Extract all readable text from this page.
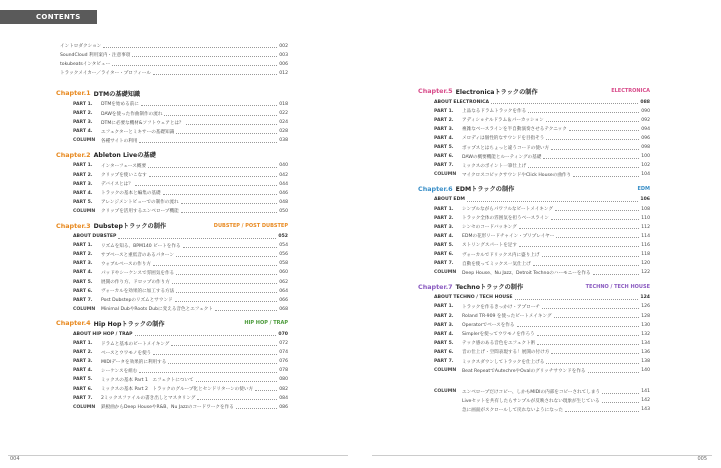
CONTENTS
004	005
イントロダクション	002
SoundCloud 利用案内・注意事項	003
tokubeatsインタビュー	006
トラックメイカー／ライター・プロフィール	012
Chapter.1 DTMの基礎知識
PART 1.	DTMを始める前に	018
PART 2.	DAWを使った作曲制作の流れ	022
PART 3.	DTMに必要な機材&ソフトウェアとは？	024
PART 4.	エフェクターとミキサーの基礎知識	028
COLUMN	各種サイトの利用	038
Chapter.2 Ableton Liveの基礎
PART 1.	インターフェース概要	040
PART 2.	クリップを使いこなす	042
PART 3.	デバイスとは？	044
PART 4.	トラックの基本と編集の基礎	046
PART 5.	アレンジメントビューでの制作の流れ	048
COLUMN	クリップを活用するエンベロープ機能	050
Chapter.3 Dubstepトラックの制作	DUBSTEP / POST DUBSTEP
ABOUT DUBSTEP	052
PART 1.	リズムを知る、BPM140 ビートを作る	054
PART 2.	サブベースと重低音のあるパターン	056
PART 3.	ウォブルベースの作り方	058
PART 4.	パッドやシーケンスで雰囲気を作る	060
PART 5.	展開の作り方、ドロップの作り方	062
PART 6.	ヴォーカルを効果的に加工する方法	064
PART 7.	Post Dubstepのリズムとサウンド	066
COLUMN	Minimal DubやRoots Dubに変える音色とエフェクト	068
Chapter.4 Hip Hopトラックの制作	HIP HOP / TRAP
ABOUT HIP HOP / TRAP	070
PART 1.	ドラムと基本のビートメイキング	072
PART 2.	ベースとウワモノを使う	074
PART 3.	MIDIデータを効果的に利用する	076
PART 4.	シーケンスを組む	078
PART 5.	ミックスの基本 Part 1　エフェクトについて	080
PART 6.	ミックスの基本 Part 2　トラックのグループ化とセンドリターンの使い方	082
PART 7.	2ミックスファイルの書き出しとマスタリング	084
COLUMN	鉄板曲からDeep HouseやR&B、Nu Jazzのコードワークを作る	086
Chapter.5 Electronicaトラックの制作	ELECTRONICA
ABOUT ELECTRONICA	088
PART 1.	上品なるドラムトラックを作る	090
PART 2.	アディショナルドラム＆パーカッション	092
PART 3.	複雑なベースラインを半自動演奏させるテクニック	094
PART 4.	メロディは個性的なサウンドを目指そう	096
PART 5.	ポップスとはちょっと違うコードの使い方	098
PART 6.	DAWの概要機能とルーティングの基礎	100
PART 7.	ミックスのポイント一筆仕上げ	102
COLUMN	マイクロスコピックサウンドやClick Houseの曲作り	104
Chapter.6 EDMトラックの制作	EDM
ABOUT EDM	106
PART 1.	シンプルながらパワフルなビートメイキング	108
PART 2.	トラック全体の雰囲気を担うベースライン	110
PART 3.	シンセのコードバッキング	112
PART 4.	EDMの花形リードチャイン・プリプレイヤー	114
PART 5.	ストリングスパートを足す	116
PART 6.	ヴォーカルでドリックス内に盛り上げ	118
PART 7.	自動を使ってミックス一気仕上げ	120
COLUMN	Deep House、Nu Jazz、Detroit Technoのハーモニーを作る	122
Chapter.7 Technoトラックの制作	TECHNO / TECH HOUSE
ABOUT TECHNO / TECH HOUSE	124
PART 1.	トラックを作るきっかけ・アプローチ	126
PART 2.	Roland TR-909 を使ったビートメイキング	128
PART 3.	Operatorでベースを作る	130
PART 4.	Simplerを使ってウワモノを作ろう	132
PART 5.	テック感のある音色をエフェクト術	134
PART 6.	音の仕上げ・空間表現する！展開の付け方	136
PART 7.	ミックスダウンしてトラックを仕上げる	138
COLUMN	Beat RepeatでAutechreやOvalのグリッチサウンドを作る	140
COLUMN	エンベロープだけコピー、しかもMIDIの内部をコピーされてしまう	141
Liveセットを共有したらサンプルが反映されない現象が生じている	142
急に画面がスクロールして戻れないようになった	143
